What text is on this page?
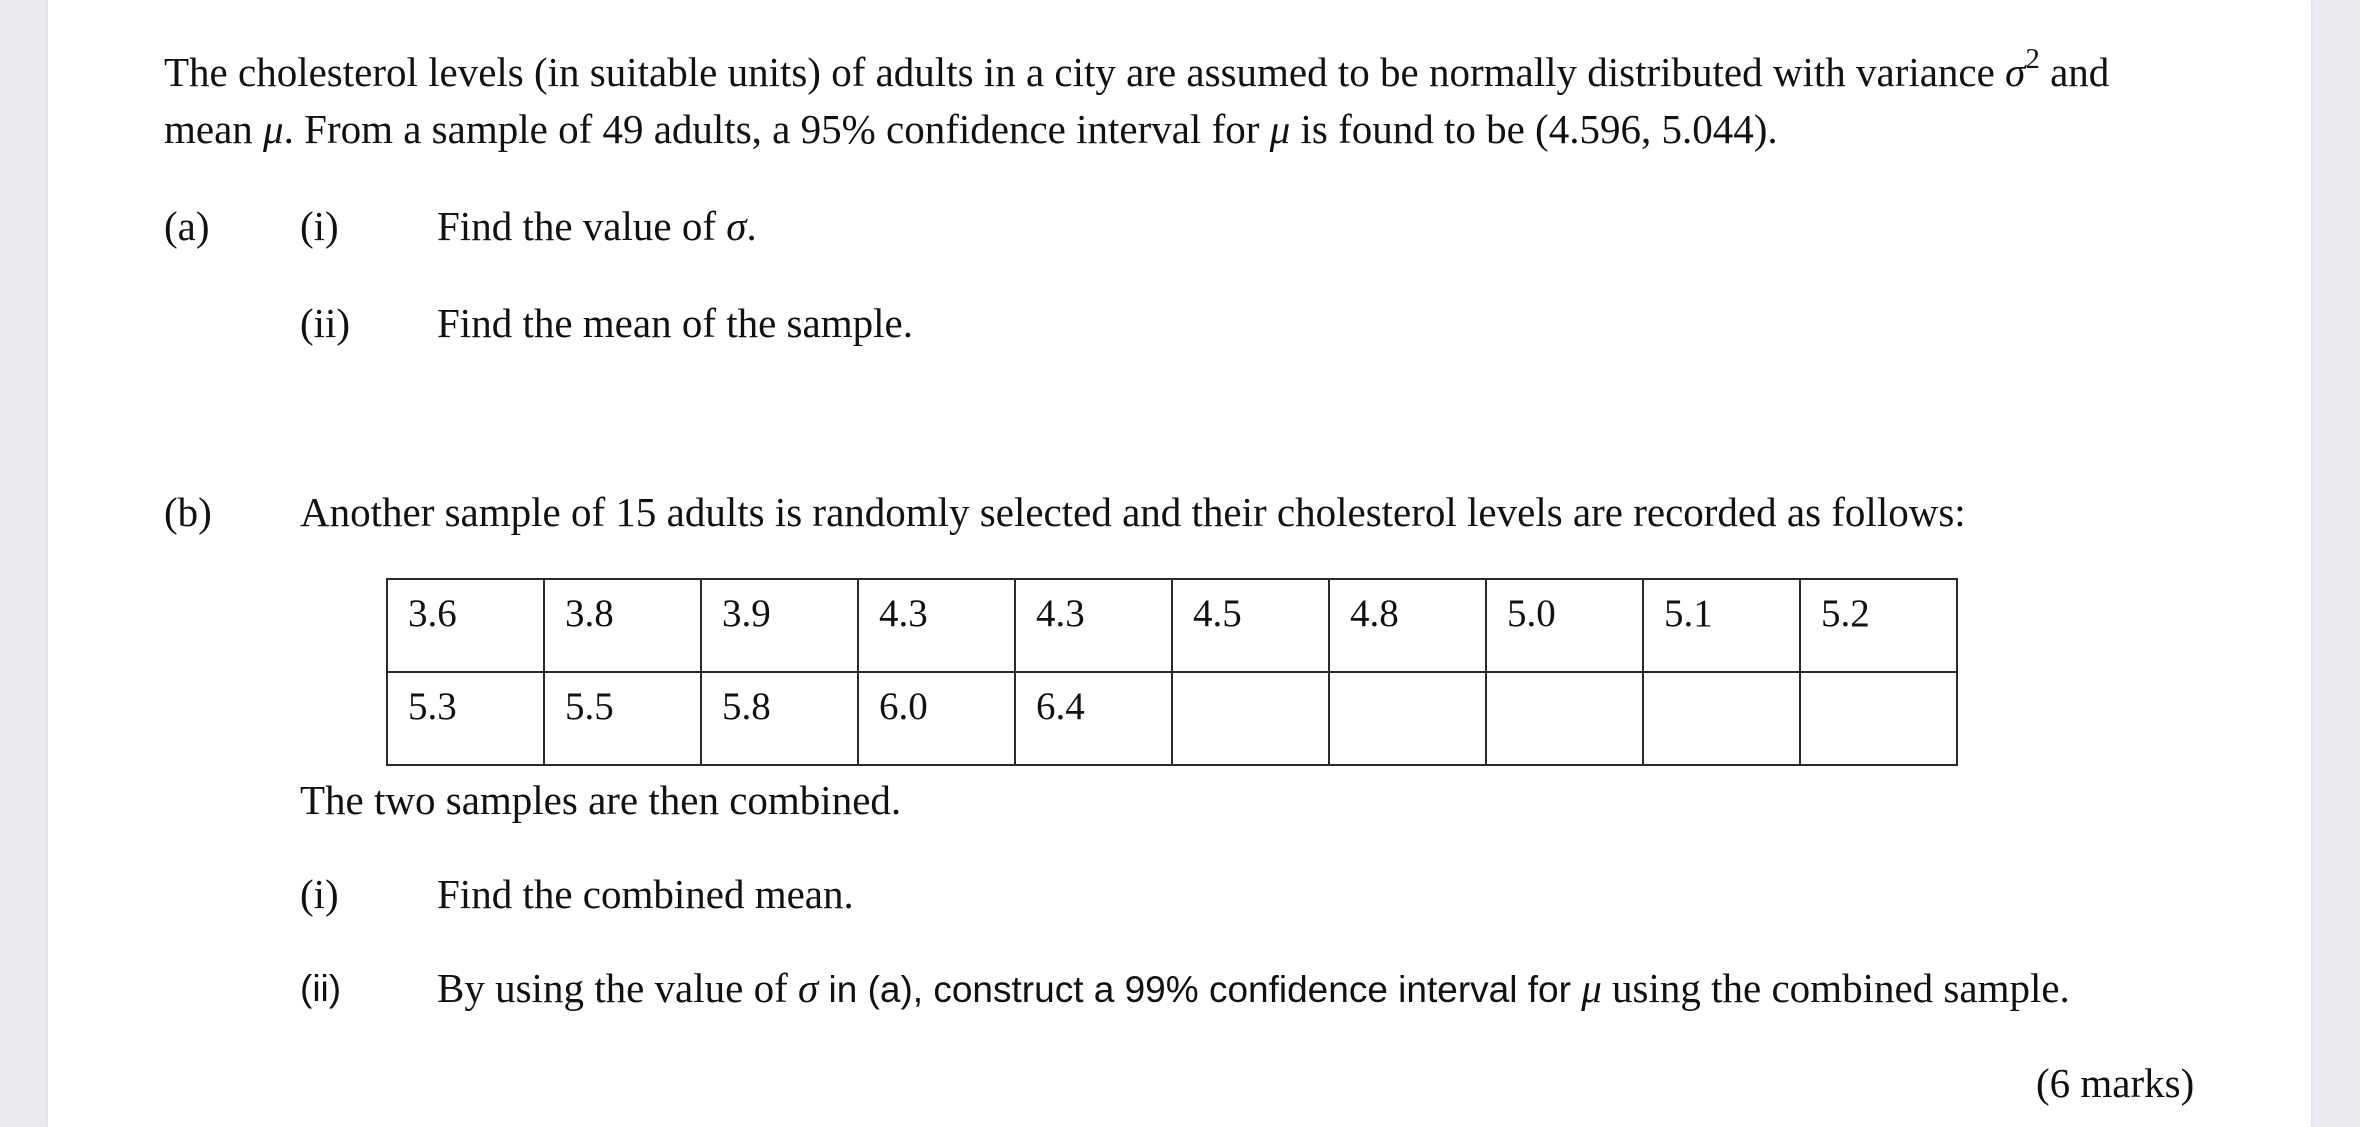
The cholesterol levels (in suitable units) of adults in a city are assumed to be normally distributed with variance $\sigma^2$ and
mean μ. From a sample of 49 adults, a 95% confidence interval for μ is found to be (4.596, 5.044).
(a) (i) Find the value of σ.
(ii) Find the mean of the sample.
(b) Another sample of 15 adults is randomly selected and their cholesterol levels are recorded as follows:
3.6	3.8	3.9	4.3	4.3	4.5	4.8	5.0	5.1	5.2
5.3	5.5	5.8	6.0	6.4					
The two samples are then combined.
(i) Find the combined mean.
(ii) By using the value of σ in (a), construct a 99% confidence interval for μ using the combined sample.
(6 marks)
